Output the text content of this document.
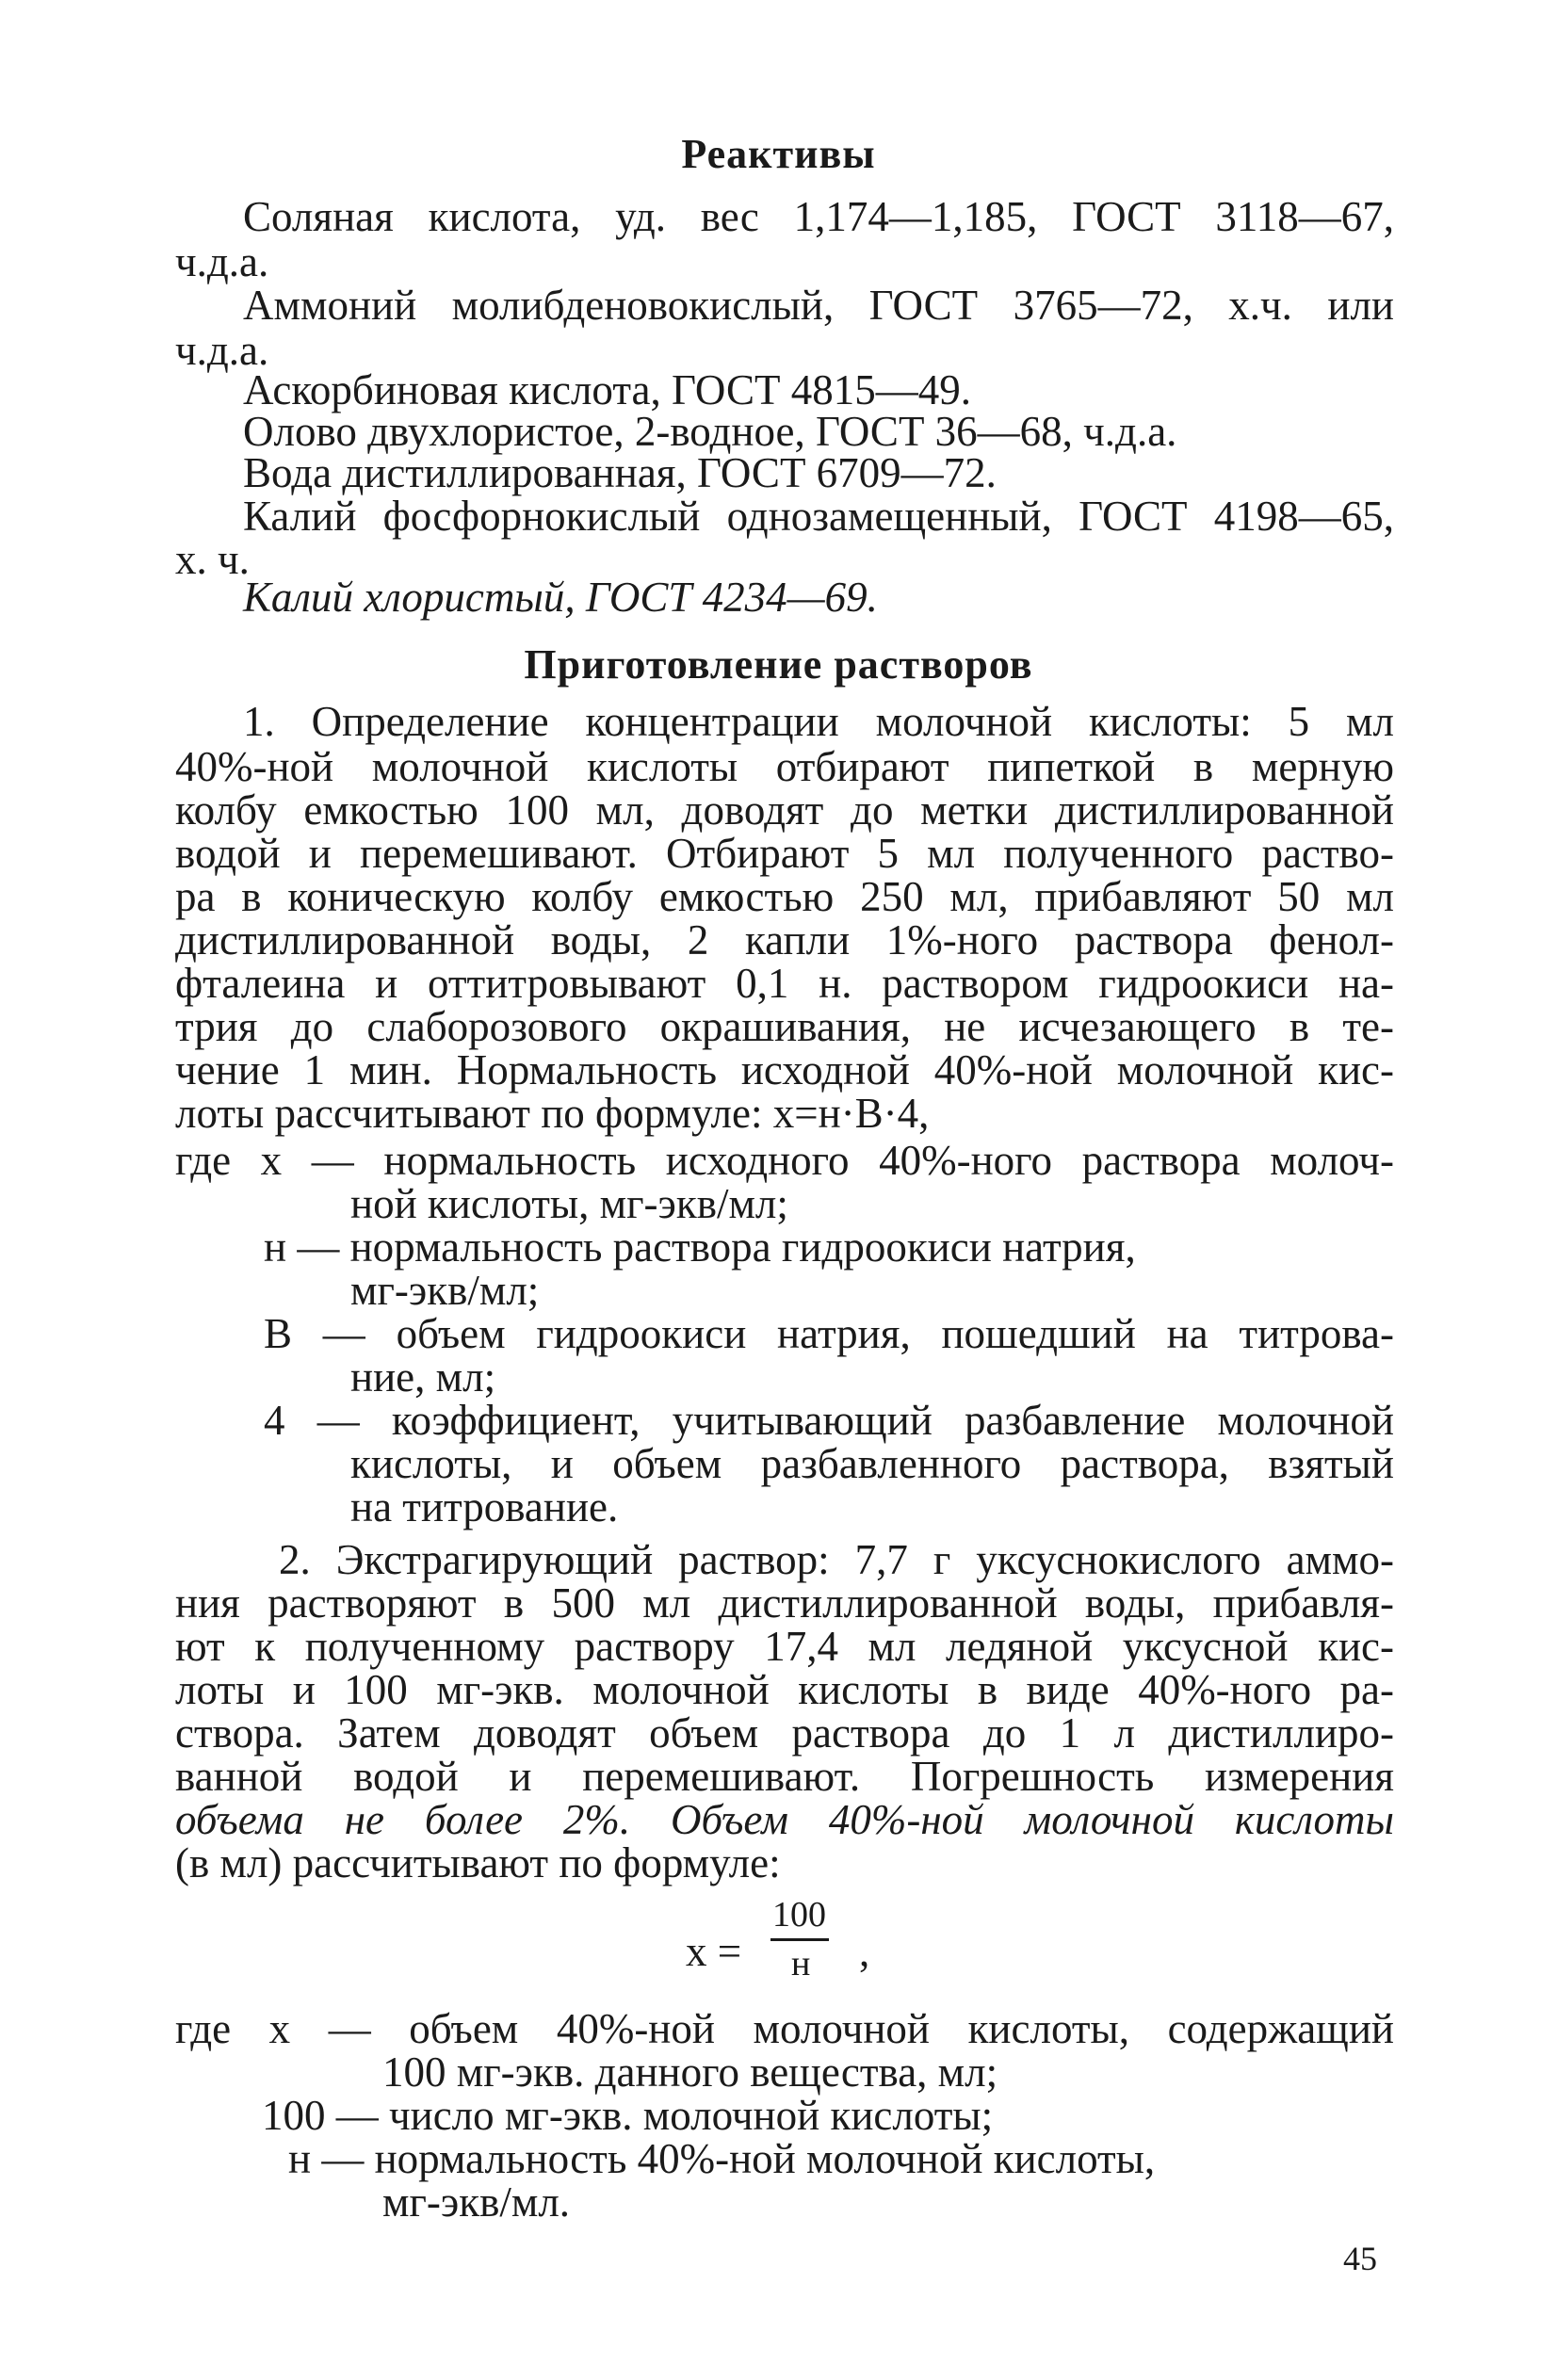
Реактивы
Соляная кислота, уд. вес 1,174—1,185, ГОСТ 3118—67,
ч.д.а.
Аммоний молибденовокислый, ГОСТ 3765—72, х.ч. или
ч.д.а.
Аскорбиновая кислота, ГОСТ 4815—49.
Олово двухлористое, 2-водное, ГОСТ 36—68, ч.д.а.
Вода дистиллированная, ГОСТ 6709—72.
Калий фосфорнокислый однозамещенный, ГОСТ 4198—65,
х. ч.
Калий хлористый, ГОСТ 4234—69.
Приготовление растворов
1. Определение концентрации молочной кислоты: 5 мл
40%-ной молочной кислоты отбирают пипеткой в мерную
колбу емкостью 100 мл, доводят до метки дистиллированной
водой и перемешивают. Отбирают 5 мл полученного раство-
ра в коническую колбу емкостью 250 мл, прибавляют 50 мл
дистиллированной воды, 2 капли 1%-ного раствора фенол-
фталеина и оттитровывают 0,1 н. раствором гидроокиси на-
трия до слаборозового окрашивания, не исчезающего в те-
чение 1 мин. Нормальность исходной 40%-ной молочной кис-
лоты рассчитывают по формуле: x=н·B·4,
где x — нормальность исходного 40%-ного раствора молоч-
ной кислоты, мг-экв/мл;
н — нормальность раствора гидроокиси натрия,
мг-экв/мл;
B — объем гидроокиси натрия, пошедший на титрова-
ние, мл;
4 — коэффициент, учитывающий разбавление молочной
кислоты, и объем разбавленного раствора, взятый
на титрование.
2. Экстрагирующий раствор: 7,7 г уксуснокислого аммо-
ния растворяют в 500 мл дистиллированной воды, прибавля-
ют к полученному раствору 17,4 мл ледяной уксусной кис-
лоты и 100 мг-экв. молочной кислоты в виде 40%-ного ра-
створа. Затем доводят объем раствора до 1 л дистиллиро-
ванной водой и перемешивают. Погрешность измерения
объема не более 2%. Объем 40%-ной молочной кислоты
(в мл) рассчитывают по формуле:
x =
100
н ,
где x — объем 40%-ной молочной кислоты, содержащий
100 мг-экв. данного вещества, мл;
100 — число мг-экв. молочной кислоты;
н — нормальность 40%-ной молочной кислоты,
мг-экв/мл.
45
